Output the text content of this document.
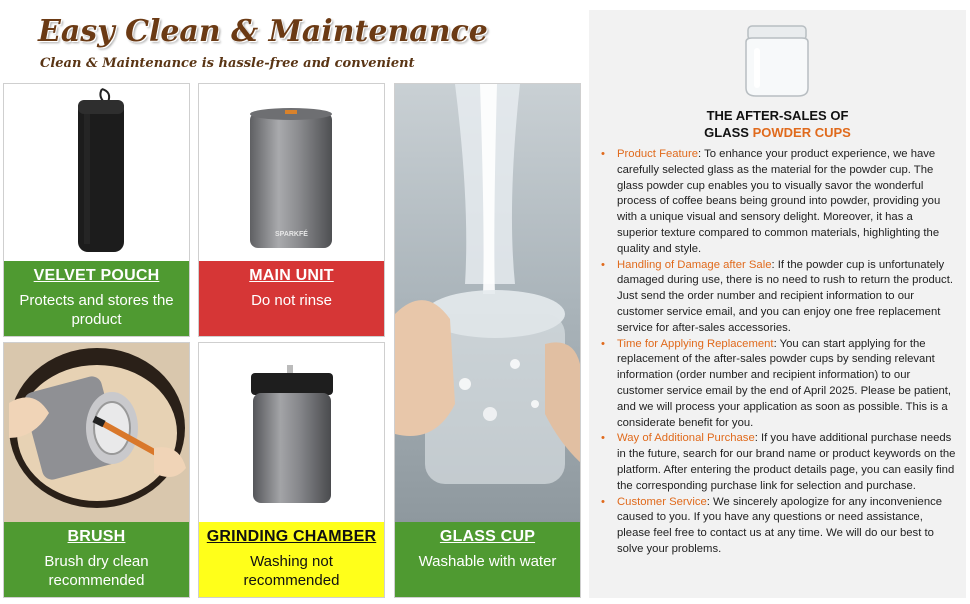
Easy Clean & Maintenance
Clean & Maintenance is hassle-free and convenient
VELVET POUCH
Protects and stores the product
SPARKFÉ
MAIN UNIT
Do not rinse
BRUSH
Brush dry clean recommended
GRINDING CHAMBER
Washing not recommended
GLASS CUP
Washable with water
THE AFTER-SALES OF
GLASS POWDER CUPS
• Product Feature: To enhance your product experience, we have carefully selected glass as the material for the powder cup. The glass powder cup enables you to visually savor the wonderful process of coffee beans being ground into powder, providing you with a unique visual and sensory delight. Moreover, it has a superior texture compared to common materials, highlighting the quality and style.
• Handling of Damage after Sale: If the powder cup is unfortunately damaged during use, there is no need to rush to return the product. Just send the order number and recipient information to our customer service email, and you can enjoy one free replacement service for after-sales accessories.
• Time for Applying Replacement: You can start applying for the replacement of the after-sales powder cups by sending relevant information (order number and recipient information) to our customer service email by the end of April 2025. Please be patient, and we will process your application as soon as possible. This is a considerate benefit for you.
• Way of Additional Purchase: If you have additional purchase needs in the future, search for our brand name or product keywords on the platform. After entering the product details page, you can easily find the corresponding purchase link for selection and purchase.
• Customer Service: We sincerely apologize for any inconvenience caused to you. If you have any questions or need assistance, please feel free to contact us at any time. We will do our best to solve your problems.
